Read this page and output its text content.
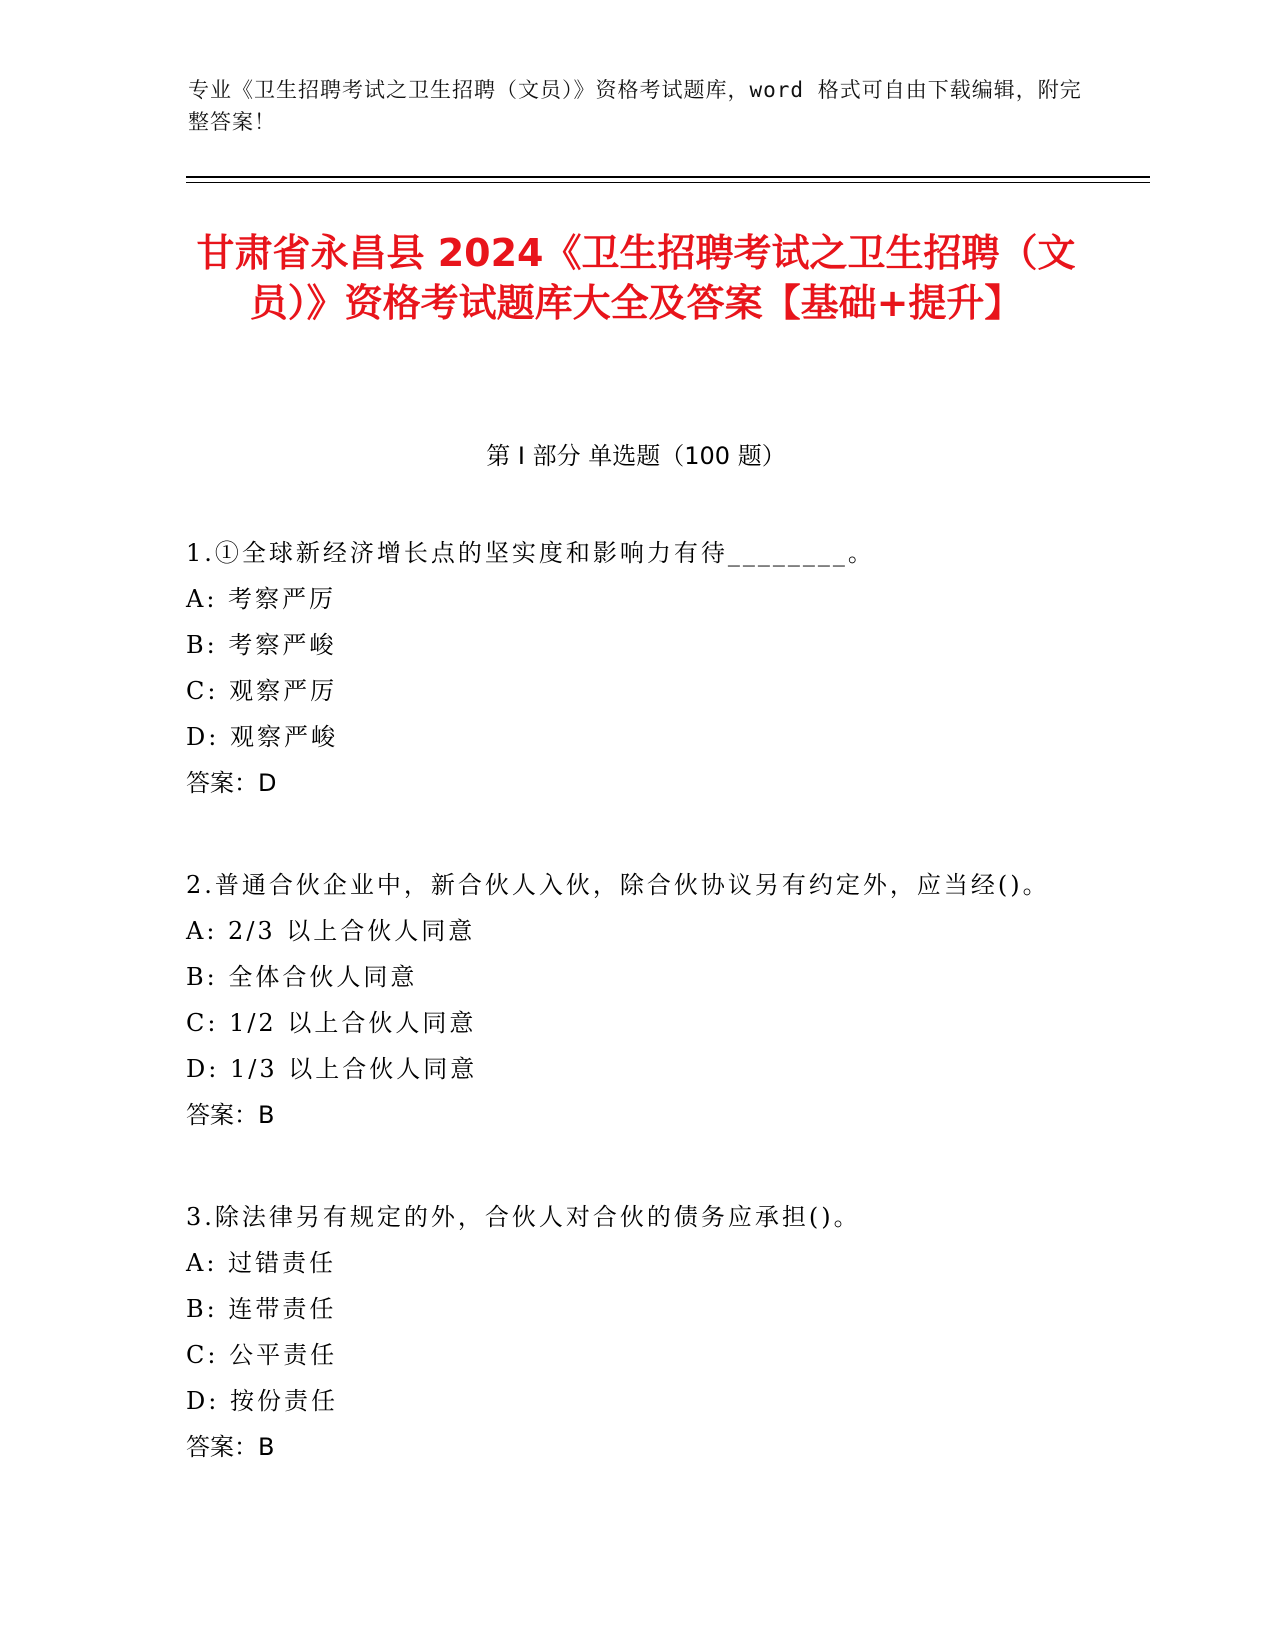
专业《卫生招聘考试之卫生招聘（文员）》资格考试题库，word 格式可自由下载编辑，附完整答案！
甘肃省永昌县 2024《卫生招聘考试之卫生招聘（文员）》资格考试题库大全及答案【基础+提升】
第 I 部分 单选题（100 题）
1.①全球新经济增长点的坚实度和影响力有待________。
A: 考察严厉
B: 考察严峻
C: 观察严厉
D: 观察严峻
答案：D
2.普通合伙企业中，新合伙人入伙，除合伙协议另有约定外，应当经()。
A: 2/3 以上合伙人同意
B: 全体合伙人同意
C: 1/2 以上合伙人同意
D: 1/3 以上合伙人同意
答案：B
3.除法律另有规定的外，合伙人对合伙的债务应承担()。
A: 过错责任
B: 连带责任
C: 公平责任
D: 按份责任
答案：B
